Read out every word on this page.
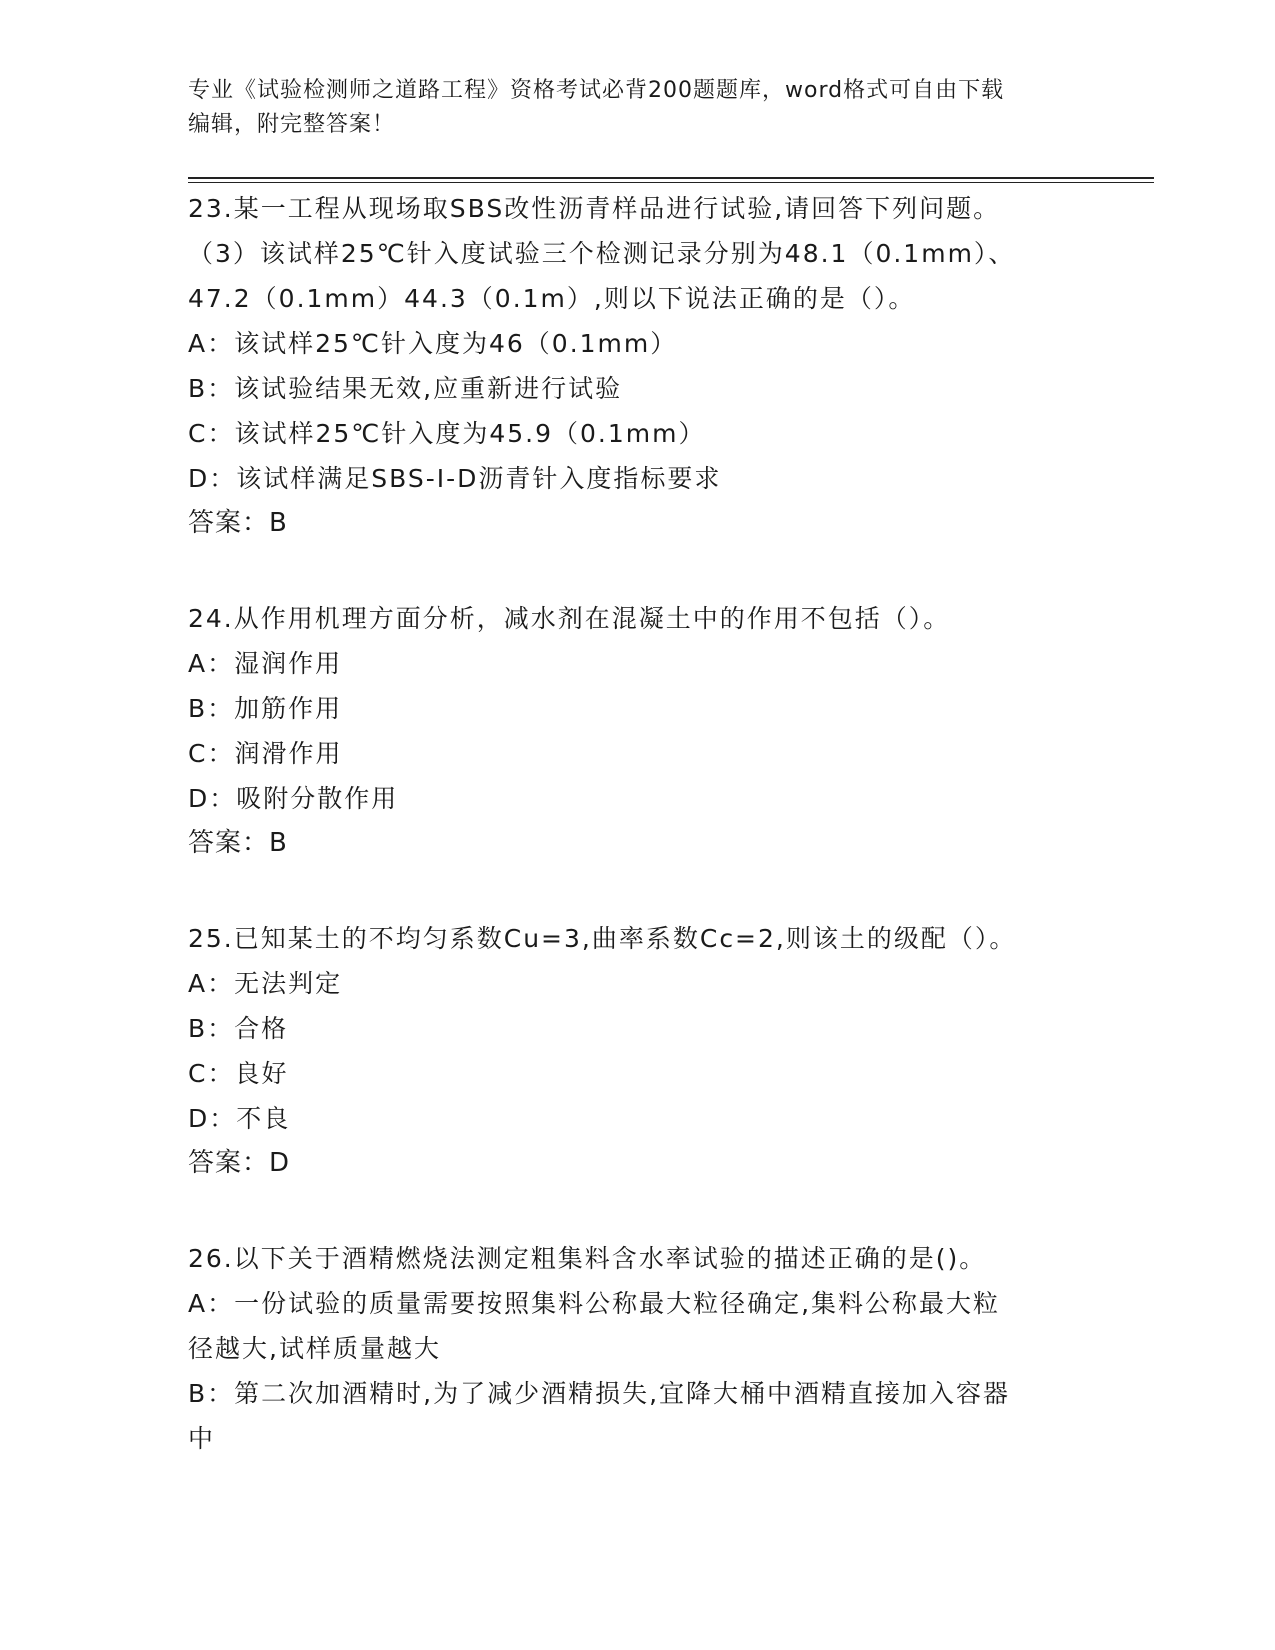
专业《试验检测师之道路工程》资格考试必背200题题库，word格式可自由下载
编辑，附完整答案！
23.某一工程从现场取SBS改性沥青样品进行试验,请回答下列问题。
（3）该试样25℃针入度试验三个检测记录分别为48.1（0.1mm）、
47.2（0.1mm）44.3（0.1m）,则以下说法正确的是（）。
A：该试样25℃针入度为46（0.1mm）
B：该试验结果无效,应重新进行试验
C：该试样25℃针入度为45.9（0.1mm）
D：该试样满足SBS-Ⅰ-D沥青针入度指标要求
答案：B
24.从作用机理方面分析，减水剂在混凝土中的作用不包括（）。
A：湿润作用
B：加筋作用
C：润滑作用
D：吸附分散作用
答案：B
25.已知某土的不均匀系数Cu=3,曲率系数Cc=2,则该土的级配（）。
A：无法判定
B：合格
C：良好
D：不良
答案：D
26.以下关于酒精燃烧法测定粗集料含水率试验的描述正确的是()。
A：一份试验的质量需要按照集料公称最大粒径确定,集料公称最大粒
径越大,试样质量越大
B：第二次加酒精时,为了减少酒精损失,宜降大桶中酒精直接加入容器
中
